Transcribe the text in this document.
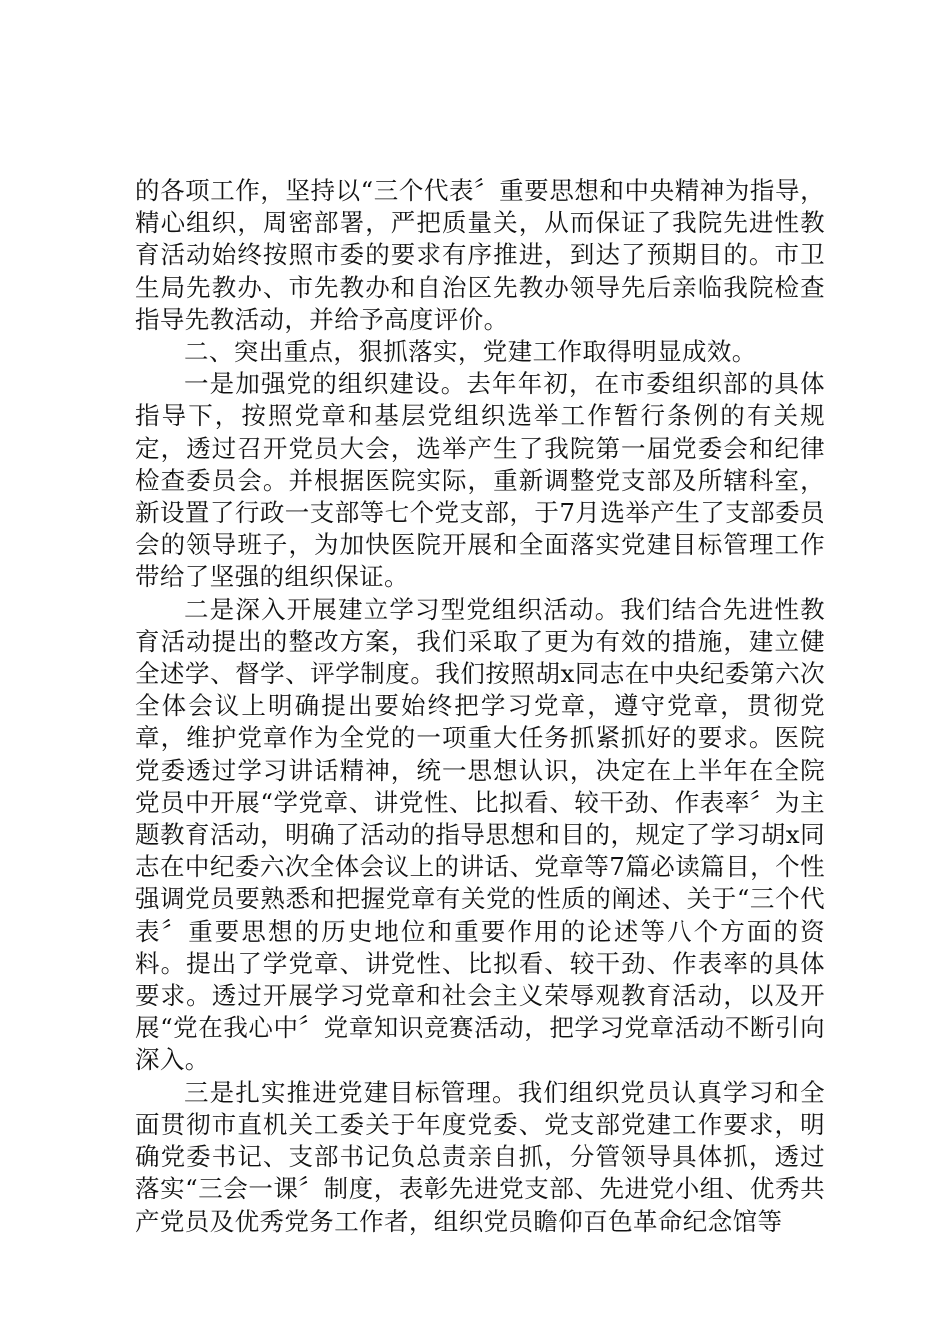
的各项工作，坚持以“三个代表〞重要思想和中央精神为指导，精心组织，周密部署，严把质量关，从而保证了我院先进性教育活动始终按照市委的要求有序推进，到达了预期目的。市卫生局先教办、市先教办和自治区先教办领导先后亲临我院检查指导先教活动，并给予高度评价。

二、突出重点，狠抓落实，党建工作取得明显成效。

一是加强党的组织建设。去年年初，在市委组织部的具体指导下，按照党章和基层党组织选举工作暂行条例的有关规定，透过召开党员大会，选举产生了我院第一届党委会和纪律检查委员会。并根据医院实际，重新调整党支部及所辖科室，新设置了行政一支部等七个党支部，于7月选举产生了支部委员会的领导班子，为加快医院开展和全面落实党建目标管理工作带给了坚强的组织保证。

二是深入开展建立学习型党组织活动。我们结合先进性教育活动提出的整改方案，我们采取了更为有效的措施，建立健全述学、督学、评学制度。我们按照胡x同志在中央纪委第六次全体会议上明确提出要始终把学习党章，遵守党章，贯彻党章，维护党章作为全党的一项重大任务抓紧抓好的要求。医院党委透过学习讲话精神，统一思想认识，决定在上半年在全院党员中开展“学党章、讲党性、比拟看、较干劲、作表率〞为主题教育活动，明确了活动的指导思想和目的，规定了学习胡x同志在中纪委六次全体会议上的讲话、党章等7篇必读篇目，个性强调党员要熟悉和把握党章有关党的性质的阐述、关于“三个代表〞重要思想的历史地位和重要作用的论述等八个方面的资料。提出了学党章、讲党性、比拟看、较干劲、作表率的具体要求。透过开展学习党章和社会主义荣辱观教育活动，以及开展“党在我心中〞党章知识竞赛活动，把学习党章活动不断引向深入。

三是扎实推进党建目标管理。我们组织党员认真学习和全面贯彻市直机关工委关于年度党委、党支部党建工作要求，明确党委书记、支部书记负总责亲自抓，分管领导具体抓，透过落实“三会一课〞制度，表彰先进党支部、先进党小组、优秀共产党员及优秀党务工作者，组织党员瞻仰百色革命纪念馆等
